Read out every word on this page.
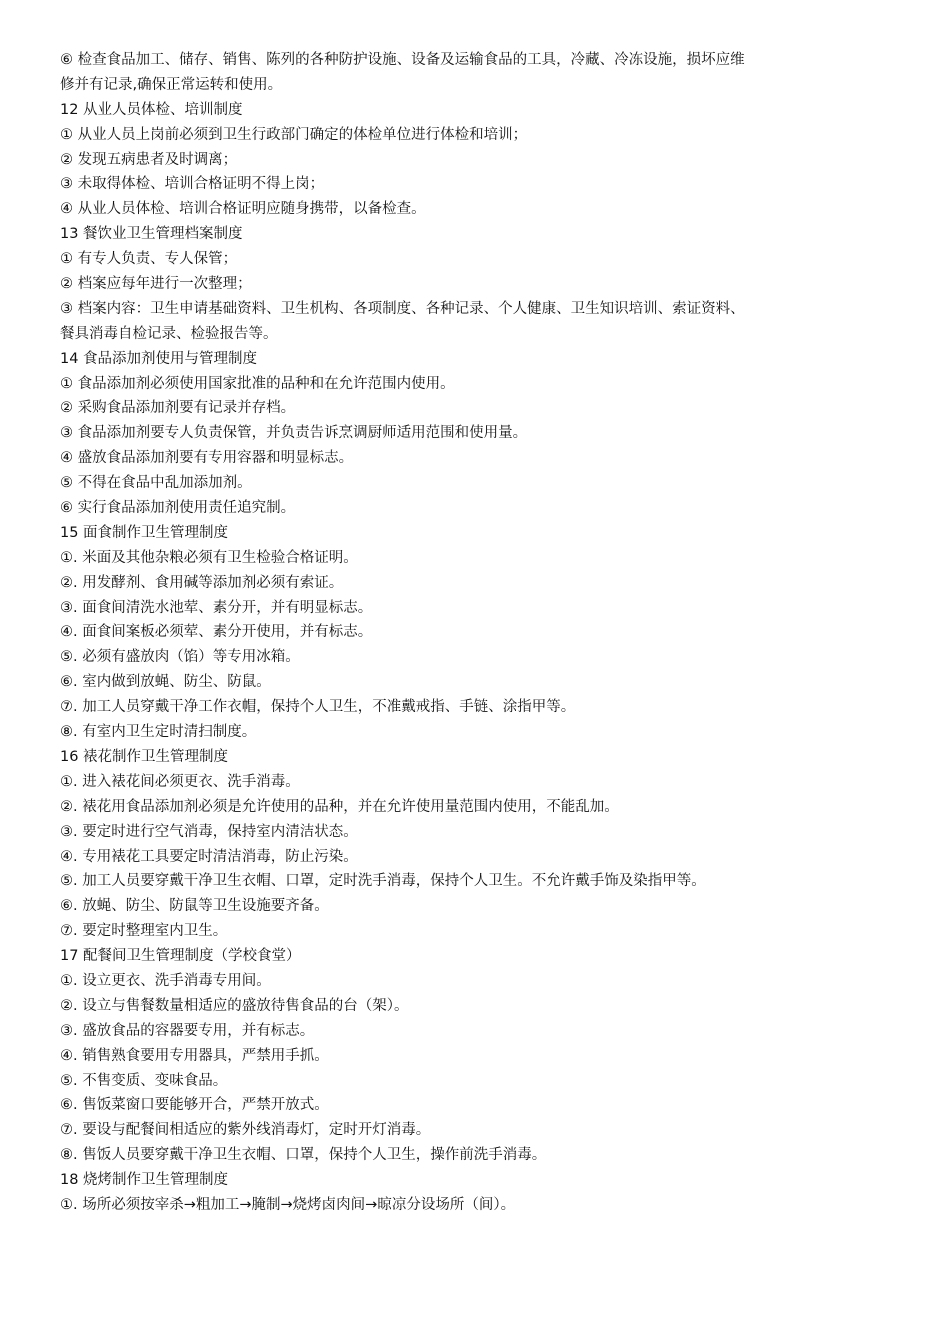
⑥ 检查食品加工、储存、销售、陈列的各种防护设施、设备及运输食品的工具，冷藏、冷冻设施，损坏应维
修并有记录,确保正常运转和使用。
12 从业人员体检、培训制度
① 从业人员上岗前必须到卫生行政部门确定的体检单位进行体检和培训；
② 发现五病患者及时调离；
③ 未取得体检、培训合格证明不得上岗；
④ 从业人员体检、培训合格证明应随身携带，以备检查。
13 餐饮业卫生管理档案制度
① 有专人负责、专人保管；
② 档案应每年进行一次整理；
③ 档案内容：卫生申请基础资料、卫生机构、各项制度、各种记录、个人健康、卫生知识培训、索证资料、
餐具消毒自检记录、检验报告等。
14 食品添加剂使用与管理制度
① 食品添加剂必须使用国家批准的品种和在允许范围内使用。
② 采购食品添加剂要有记录并存档。
③ 食品添加剂要专人负责保管，并负责告诉烹调厨师适用范围和使用量。
④ 盛放食品添加剂要有专用容器和明显标志。
⑤ 不得在食品中乱加添加剂。
⑥ 实行食品添加剂使用责任追究制。
15 面食制作卫生管理制度
①. 米面及其他杂粮必须有卫生检验合格证明。
②. 用发酵剂、食用碱等添加剂必须有索证。
③. 面食间清洗水池荤、素分开，并有明显标志。
④. 面食间案板必须荤、素分开使用，并有标志。
⑤. 必须有盛放肉（馅）等专用冰箱。
⑥. 室内做到放蝇、防尘、防鼠。
⑦. 加工人员穿戴干净工作衣帽，保持个人卫生，不准戴戒指、手链、涂指甲等。
⑧. 有室内卫生定时清扫制度。
16 裱花制作卫生管理制度
①. 进入裱花间必须更衣、洗手消毒。
②. 裱花用食品添加剂必须是允许使用的品种，并在允许使用量范围内使用，不能乱加。
③. 要定时进行空气消毒，保持室内清洁状态。
④. 专用裱花工具要定时清洁消毒，防止污染。
⑤. 加工人员要穿戴干净卫生衣帽、口罩，定时洗手消毒，保持个人卫生。不允许戴手饰及染指甲等。
⑥. 放蝇、防尘、防鼠等卫生设施要齐备。
⑦. 要定时整理室内卫生。
17 配餐间卫生管理制度（学校食堂）
①. 设立更衣、洗手消毒专用间。
②. 设立与售餐数量相适应的盛放待售食品的台（架）。
③. 盛放食品的容器要专用，并有标志。
④. 销售熟食要用专用器具，严禁用手抓。
⑤. 不售变质、变味食品。
⑥. 售饭菜窗口要能够开合，严禁开放式。
⑦. 要设与配餐间相适应的紫外线消毒灯，定时开灯消毒。
⑧. 售饭人员要穿戴干净卫生衣帽、口罩，保持个人卫生，操作前洗手消毒。
18 烧烤制作卫生管理制度
①. 场所必须按宰杀→粗加工→腌制→烧烤卤肉间→晾凉分设场所（间）。
